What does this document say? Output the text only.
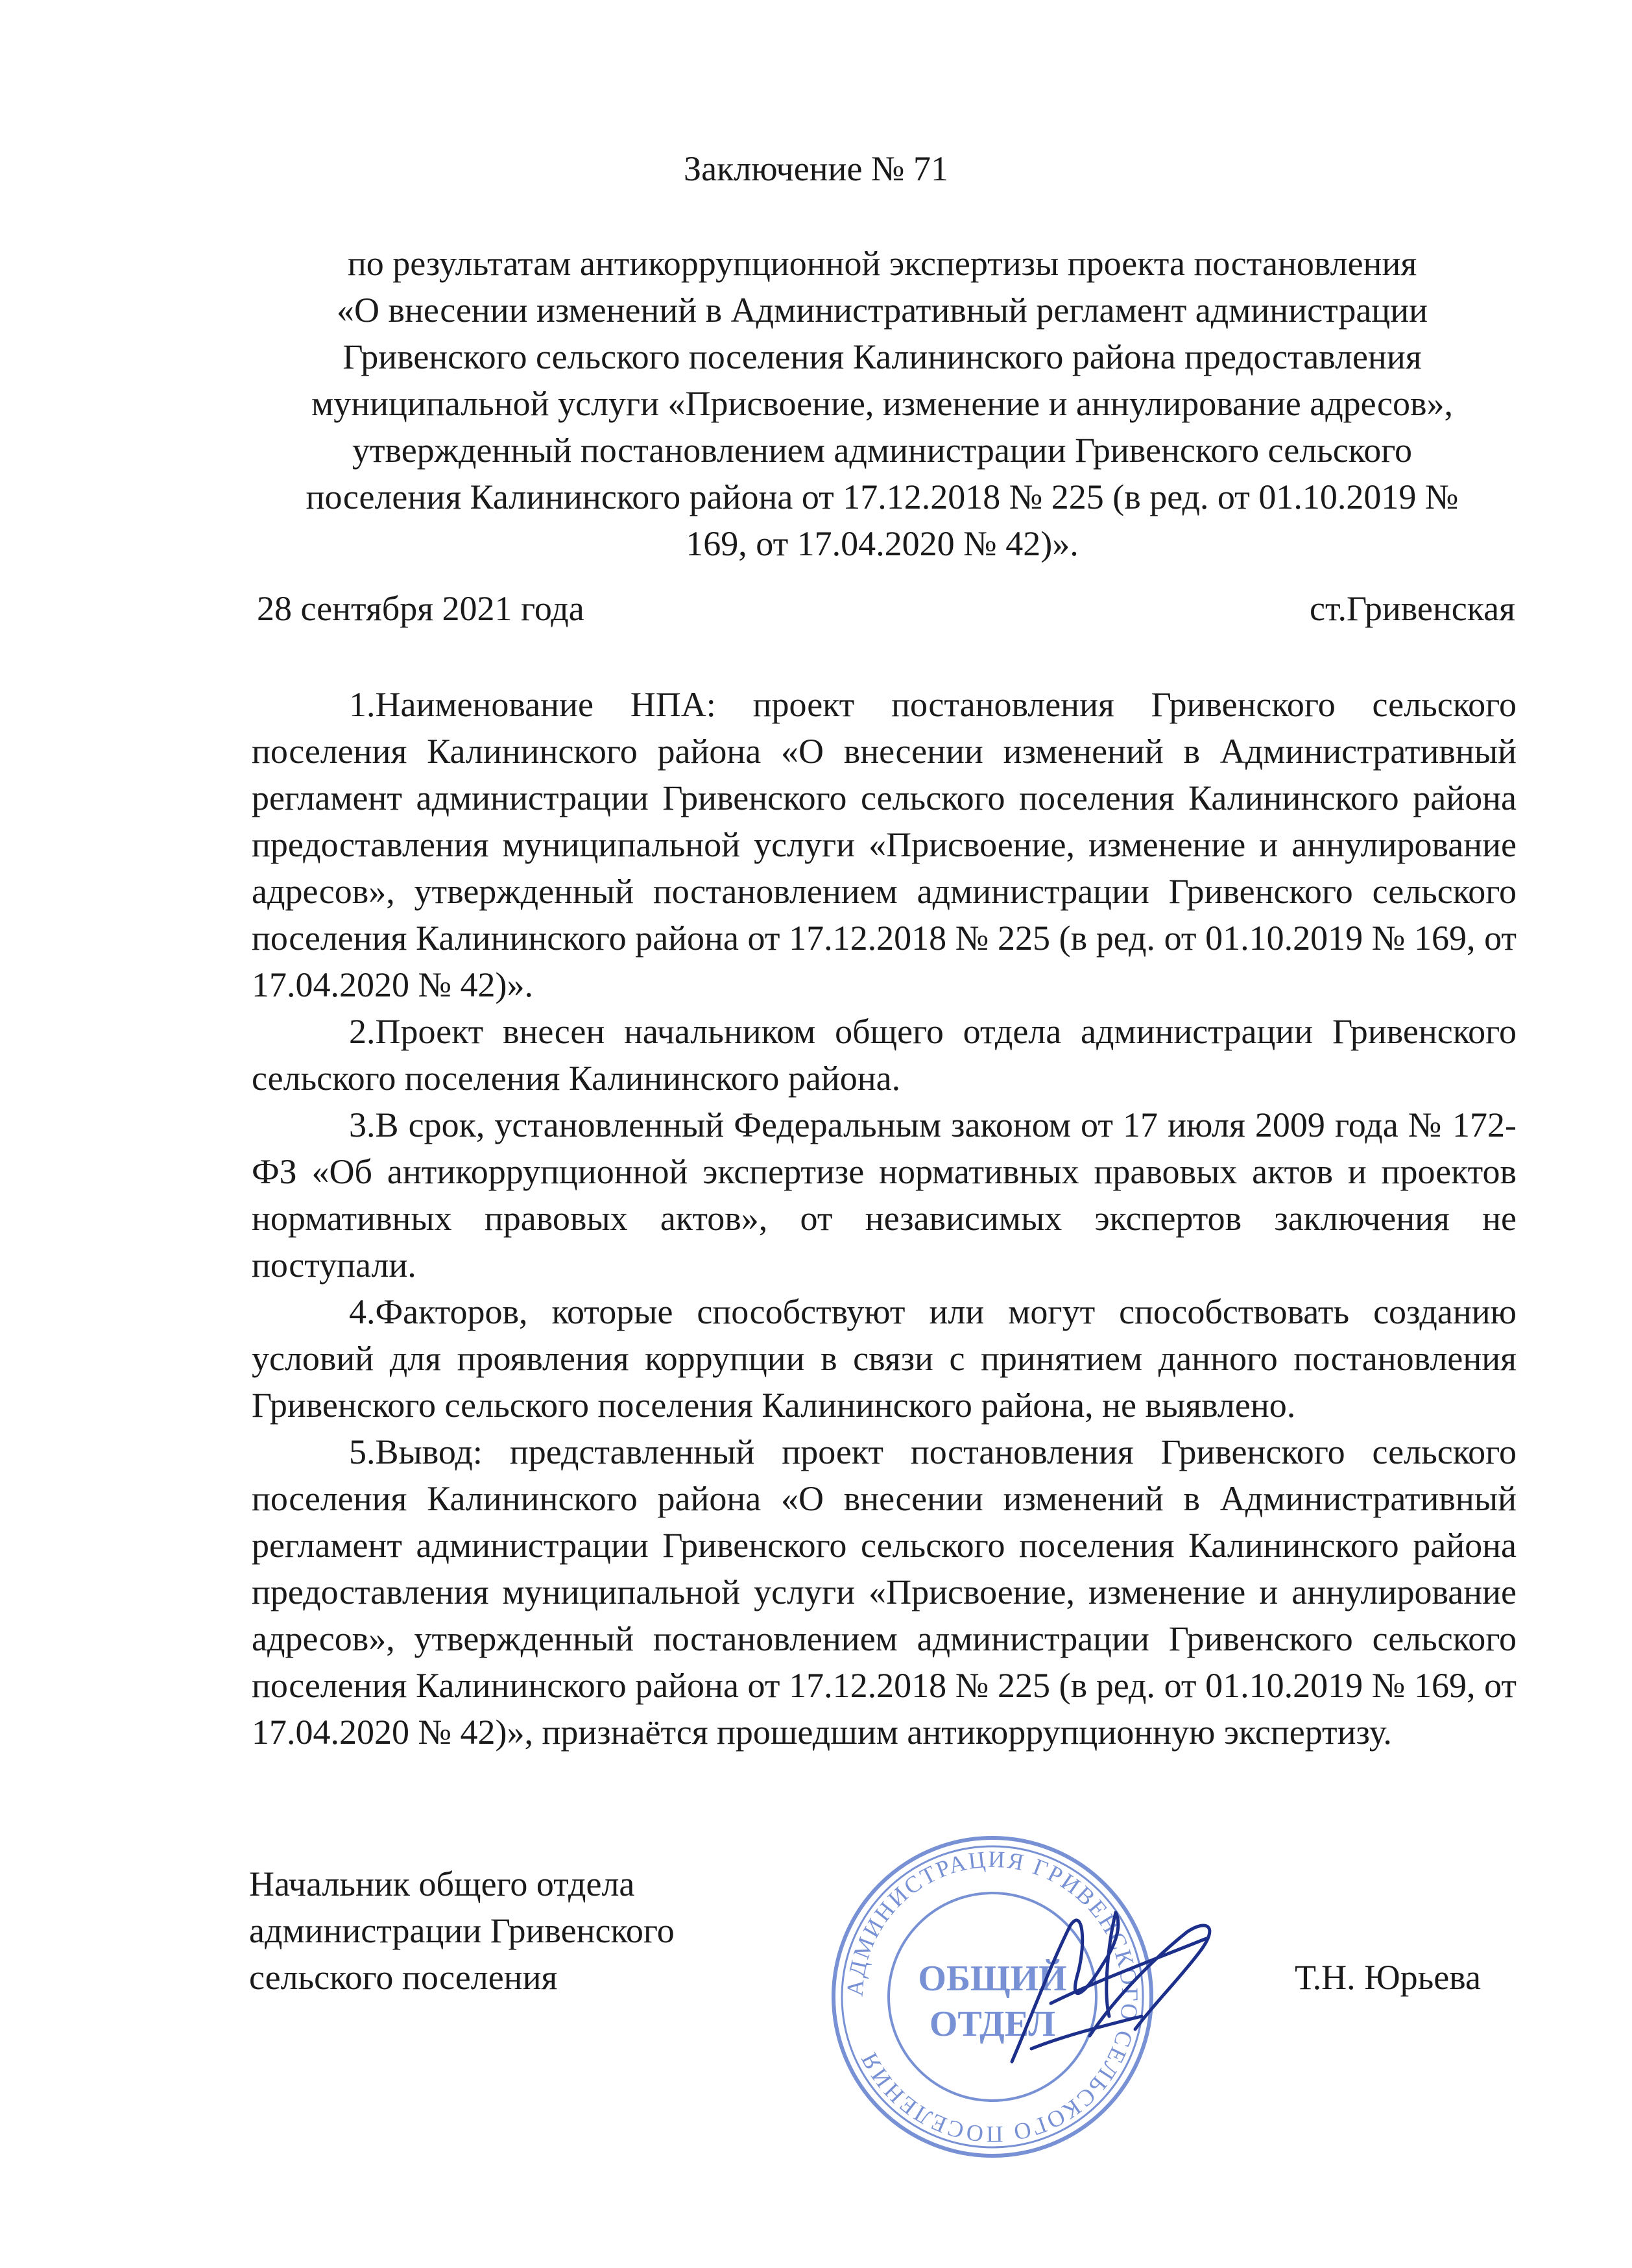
Заключение № 71
по результатам антикоррупционной экспертизы проекта постановления
«О внесении изменений в Административный регламент администрации
Гривенского сельского поселения Калининского района предоставления
муниципальной услуги «Присвоение, изменение и аннулирование адресов»,
утвержденный постановлением администрации Гривенского сельского
поселения Калининского района от 17.12.2018 № 225 (в ред. от 01.10.2019 №
169, от 17.04.2020 № 42)».
28 сентября 2021 года	ст.Гривенская

1.Наименование НПА: проект постановления Гривенского сельского поселения Калининского района «О внесении изменений в Административный регламент администрации Гривенского сельского поселения Калининского района предоставления муниципальной услуги «Присвоение, изменение и аннулирование адресов», утвержденный постановлением администрации Гривенского сельского поселения Калининского района от 17.12.2018 № 225 (в ред. от 01.10.2019 № 169, от 17.04.2020 № 42)».

2.Проект внесен начальником общего отдела администрации Гривенского сельского поселения Калининского района.

3.В срок, установленный Федеральным законом от 17 июля 2009 года № 172-ФЗ «Об антикоррупционной экспертизе нормативных правовых актов и проектов нормативных правовых актов», от независимых экспертов заключения не поступали.

4.Факторов, которые способствуют или могут способствовать созданию условий для проявления коррупции в связи с принятием данного постановления Гривенского сельского поселения Калининского района, не выявлено.

5.Вывод: представленный проект постановления Гривенского сельского поселения Калининского района «О внесении изменений в Административный регламент администрации Гривенского сельского поселения Калининского района предоставления муниципальной услуги «Присвоение, изменение и аннулирование адресов», утвержденный постановлением администрации Гривенского сельского поселения Калининского района от 17.12.2018 № 225 (в ред. от 01.10.2019 № 169, от 17.04.2020 № 42)», признаётся прошедшим антикоррупционную экспертизу.

Начальник общего отдела
администрации Гривенского
сельского поселения	АДМИНИСТРАЦИЯ ГРИВЕНСКОГО СЕЛЬСКОГО ПОСЕЛЕНИЯ
ОБЩИЙ
ОТДЕЛ
Т.Н. Юрьева
